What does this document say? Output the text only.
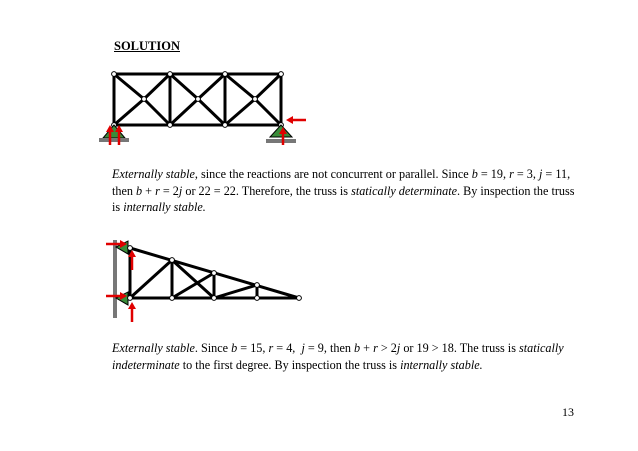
SOLUTION
Externally stable, since the reactions are not concurrent or parallel. Since b = 19, r = 3, j = 11, then b + r = 2j or 22 = 22. Therefore, the truss is statically determinate. By inspection the truss is internally stable.
Externally stable. Since b = 15, r = 4,  j = 9, then b + r > 2j or 19 > 18. The truss is statically indeterminate to the first degree. By inspection the truss is internally stable.
13
